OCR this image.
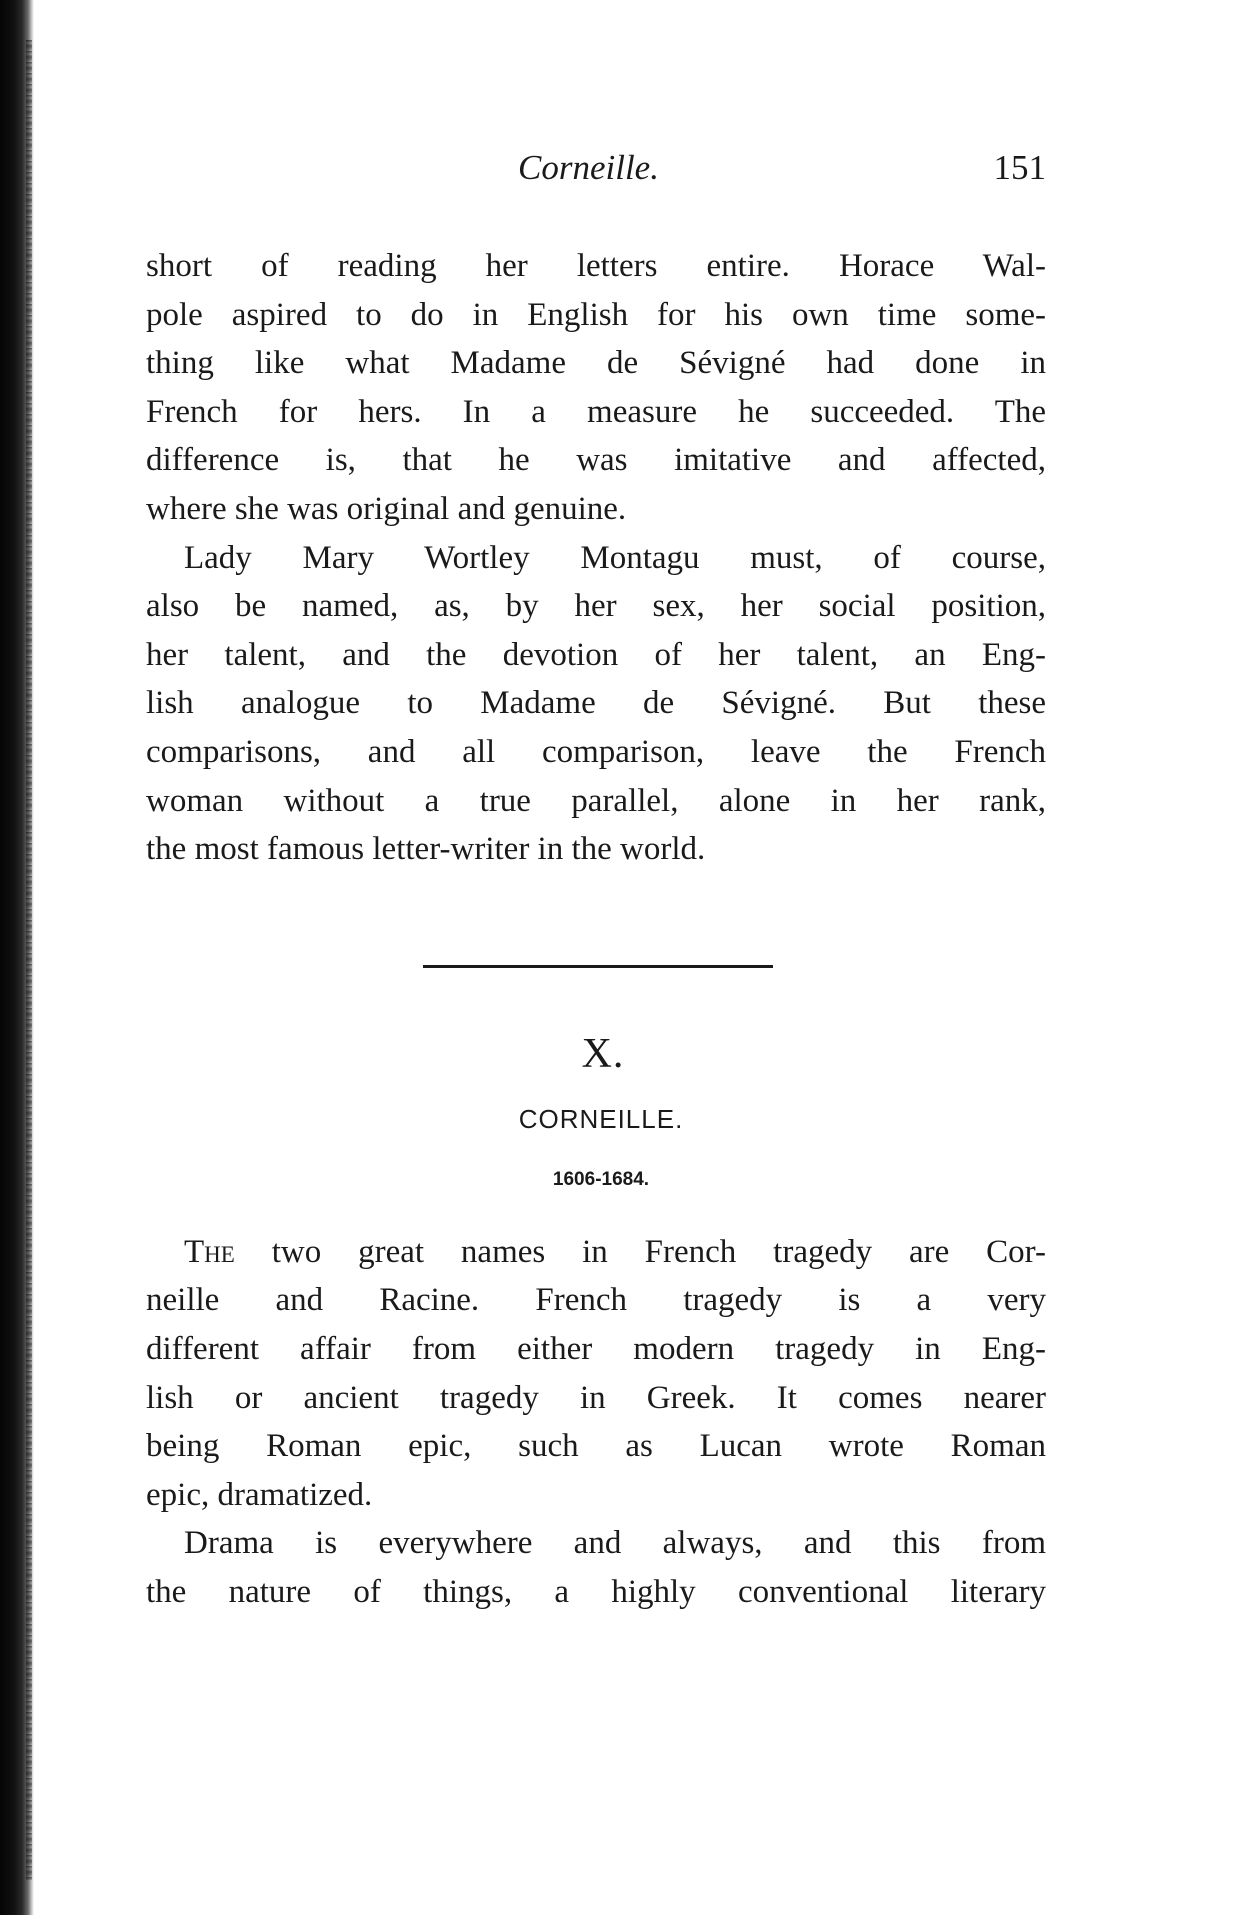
Corneille.	151

short of reading her letters entire. Horace Wal-
pole aspired to do in English for his own time some-
thing like what Madame de Sévigné had done in
French for hers. In a measure he succeeded. The
difference is, that he was imitative and affected,
where she was original and genuine.

Lady Mary Wortley Montagu must, of course,
also be named, as, by her sex, her social position,
her talent, and the devotion of her talent, an Eng-
lish analogue to Madame de Sévigné. But these
comparisons, and all comparison, leave the French
woman without a true parallel, alone in her rank,
the most famous letter-writer in the world.

X.
CORNEILLE.
1606-1684.

The two great names in French tragedy are Cor-
neille and Racine. French tragedy is a very
different affair from either modern tragedy in Eng-
lish or ancient tragedy in Greek. It comes nearer
being Roman epic, such as Lucan wrote Roman
epic, dramatized.

Drama is everywhere and always, and this from
the nature of things, a highly conventional literary
